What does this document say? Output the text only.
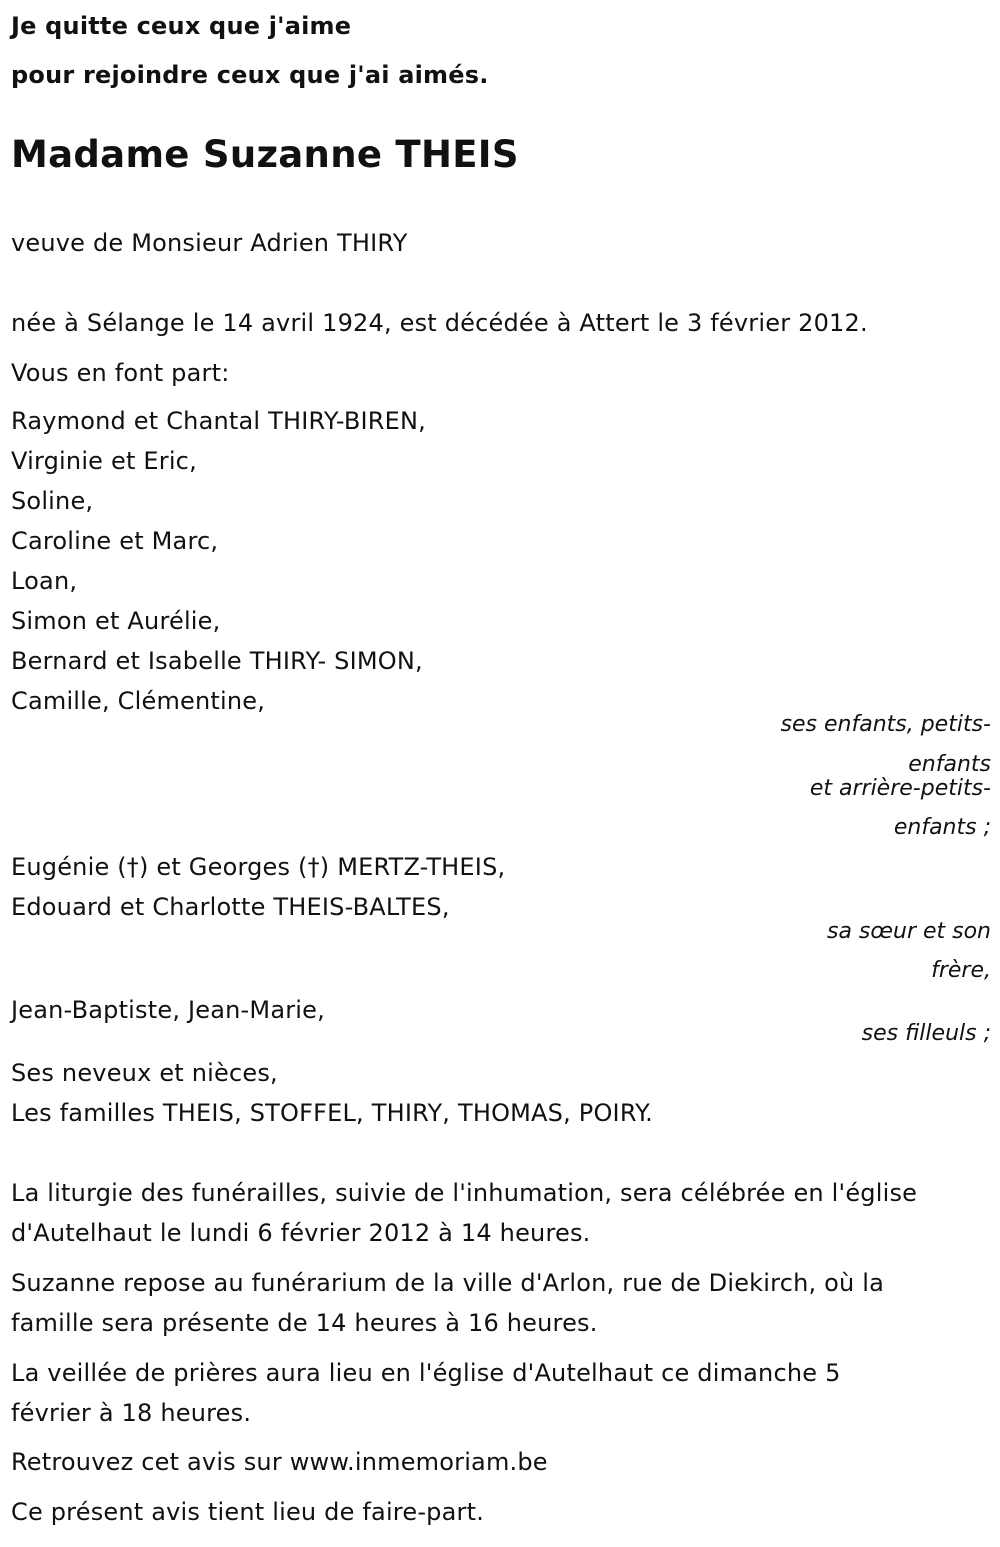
Je quitte ceux que j'aime
pour rejoindre ceux que j'ai aimés.
Madame Suzanne THEIS
veuve de Monsieur Adrien THIRY
née à Sélange le 14 avril 1924, est décédée à Attert le 3 février 2012.
Vous en font part:
Raymond et Chantal THIRY-BIREN,
Virginie et Eric,
Soline,
Caroline et Marc,
Loan,
Simon et Aurélie,
Bernard et Isabelle THIRY- SIMON,
Camille, Clémentine,
ses enfants, petits-
enfants
et arrière-petits-
enfants ;
Eugénie (†) et Georges (†) MERTZ-THEIS,
Edouard et Charlotte THEIS-BALTES,
sa sœur et son
frère,
Jean-Baptiste, Jean-Marie,
ses filleuls ;
Ses neveux et nièces,
Les familles THEIS, STOFFEL, THIRY, THOMAS, POIRY.
La liturgie des funérailles, suivie de l'inhumation, sera célébrée en l'église
d'Autelhaut le lundi 6 février 2012 à 14 heures.
Suzanne repose au funérarium de la ville d'Arlon, rue de Diekirch, où la
famille sera présente de 14 heures à 16 heures.
La veillée de prières aura lieu en l'église d'Autelhaut ce dimanche 5
février à 18 heures.
Retrouvez cet avis sur www.inmemoriam.be
Ce présent avis tient lieu de faire-part.
